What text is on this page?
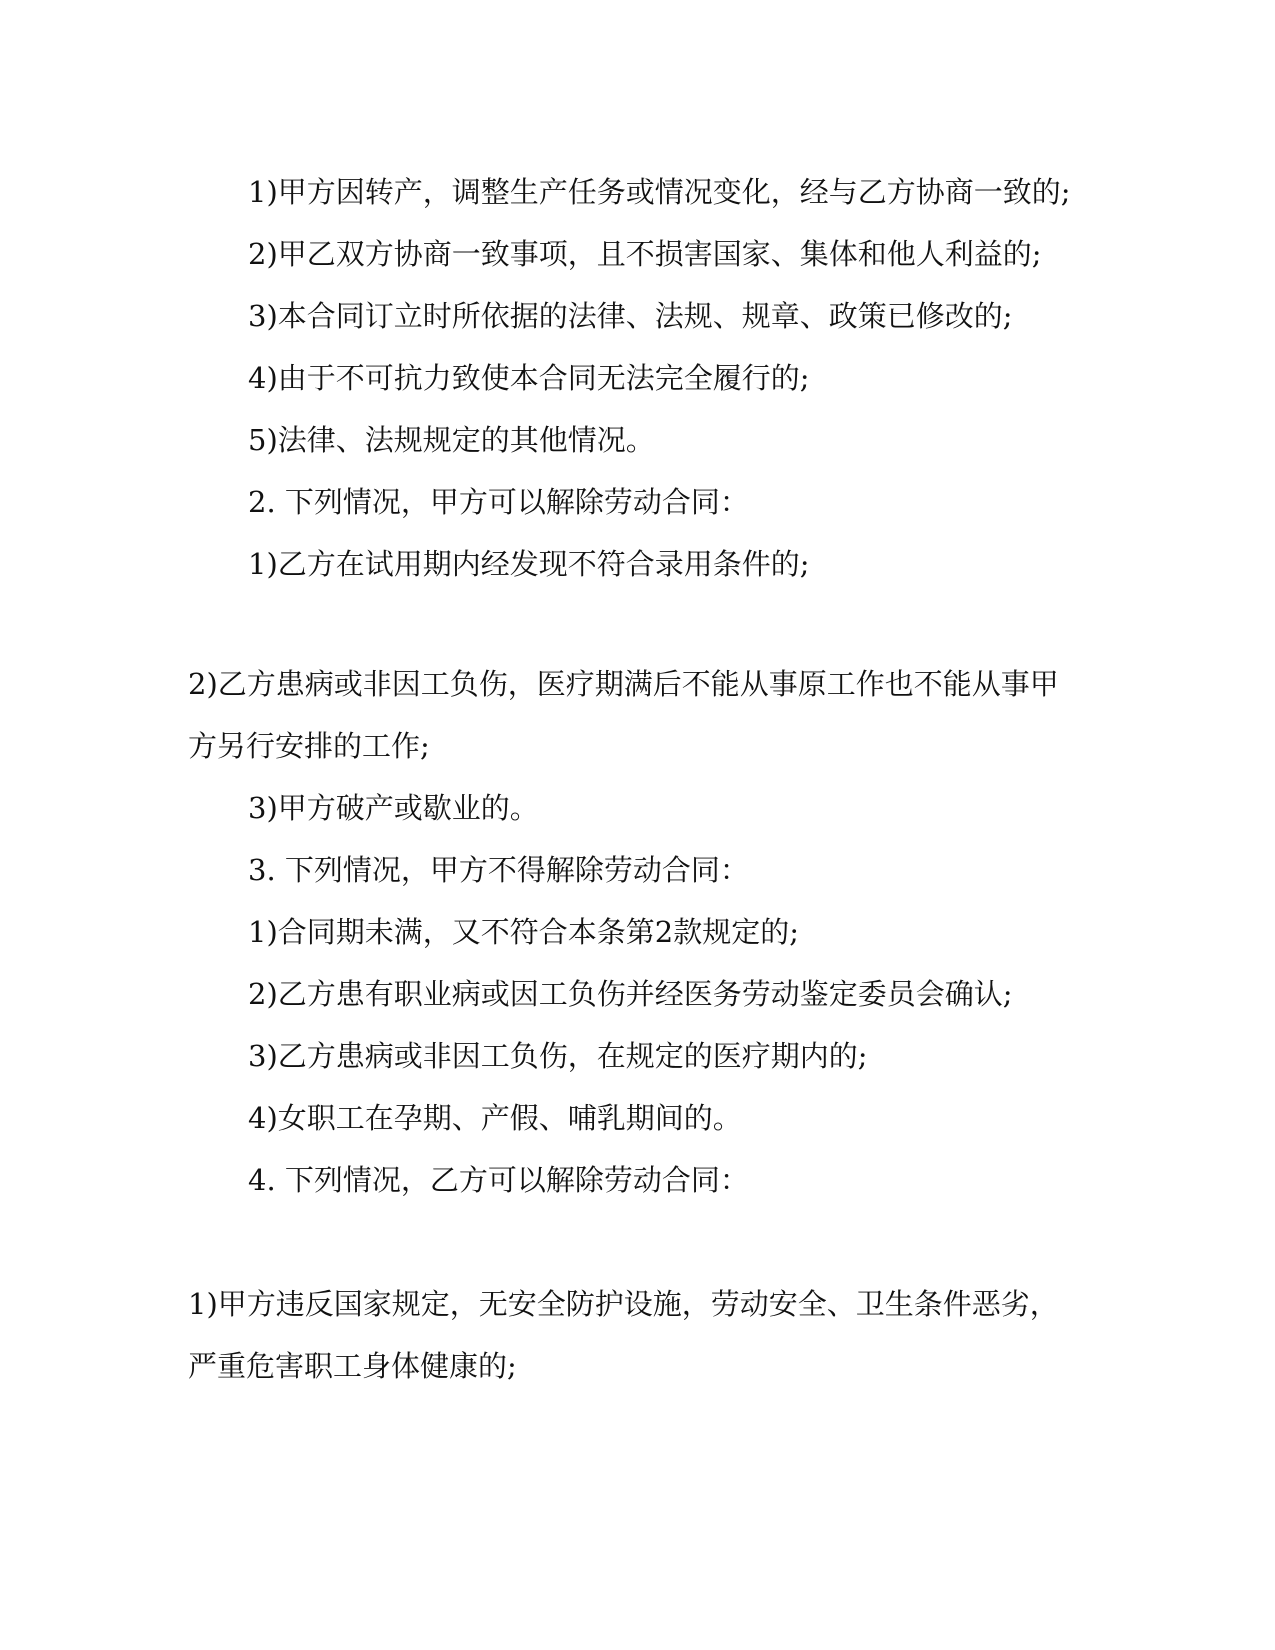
1)甲方因转产，调整生产任务或情况变化，经与乙方协商一致的;

2)甲乙双方协商一致事项，且不损害国家、集体和他人利益的;

3)本合同订立时所依据的法律、法规、规章、政策已修改的;

4)由于不可抗力致使本合同无法完全履行的;

5)法律、法规规定的其他情况。

2. 下列情况，甲方可以解除劳动合同：

1)乙方在试用期内经发现不符合录用条件的;

2)乙方患病或非因工负伤，医疗期满后不能从事原工作也不能从事甲

方另行安排的工作;

3)甲方破产或歇业的。

3. 下列情况，甲方不得解除劳动合同：

1)合同期未满，又不符合本条第2款规定的;

2)乙方患有职业病或因工负伤并经医务劳动鉴定委员会确认;

3)乙方患病或非因工负伤，在规定的医疗期内的;

4)女职工在孕期、产假、哺乳期间的。

4. 下列情况，乙方可以解除劳动合同：

1)甲方违反国家规定，无安全防护设施，劳动安全、卫生条件恶劣，

严重危害职工身体健康的;
